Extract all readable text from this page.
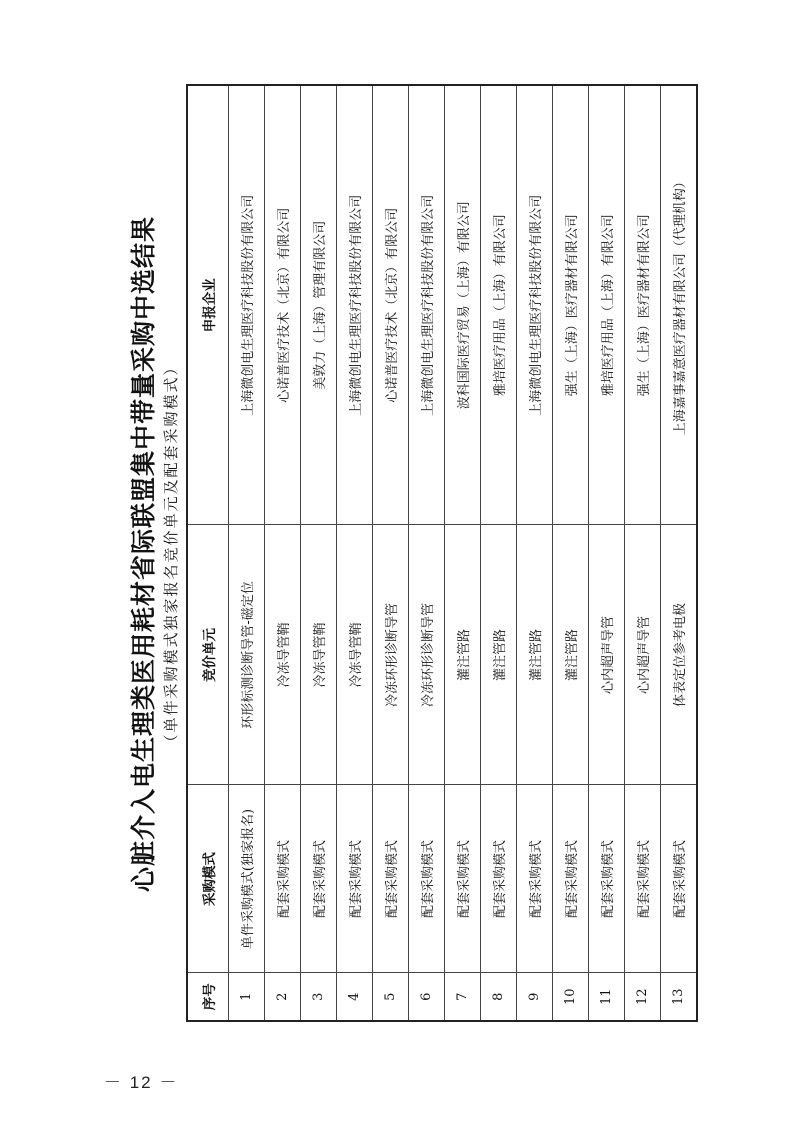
心脏介入电生理类医用耗材省际联盟集中带量采购中选结果 （单件采购模式独家报名竞价单元及配套采购模式）
序号	采购模式	竞价单元	申报企业
1	单件采购模式(独家报名)	环形标测诊断导管-磁定位	上海微创电生理医疗科技股份有限公司
2	配套采购模式	冷冻导管鞘	心诺普医疗技术（北京）有限公司
3	配套采购模式	冷冻导管鞘	美敦力（上海）管理有限公司
4	配套采购模式	冷冻导管鞘	上海微创电生理医疗科技股份有限公司
5	配套采购模式	冷冻环形诊断导管	心诺普医疗技术（北京）有限公司
6	配套采购模式	冷冻环形诊断导管	上海微创电生理医疗科技股份有限公司
7	配套采购模式	灌注管路	波科国际医疗贸易（上海）有限公司
8	配套采购模式	灌注管路	雅培医疗用品（上海）有限公司
9	配套采购模式	灌注管路	上海微创电生理医疗科技股份有限公司
10	配套采购模式	灌注管路	强生（上海）医疗器材有限公司
11	配套采购模式	心内超声导管	雅培医疗用品（上海）有限公司
12	配套采购模式	心内超声导管	强生（上海）医疗器材有限公司
13	配套采购模式	体表定位参考电极	上海嘉事嘉意医疗器材有限公司（代理机构）
－ 12 －
